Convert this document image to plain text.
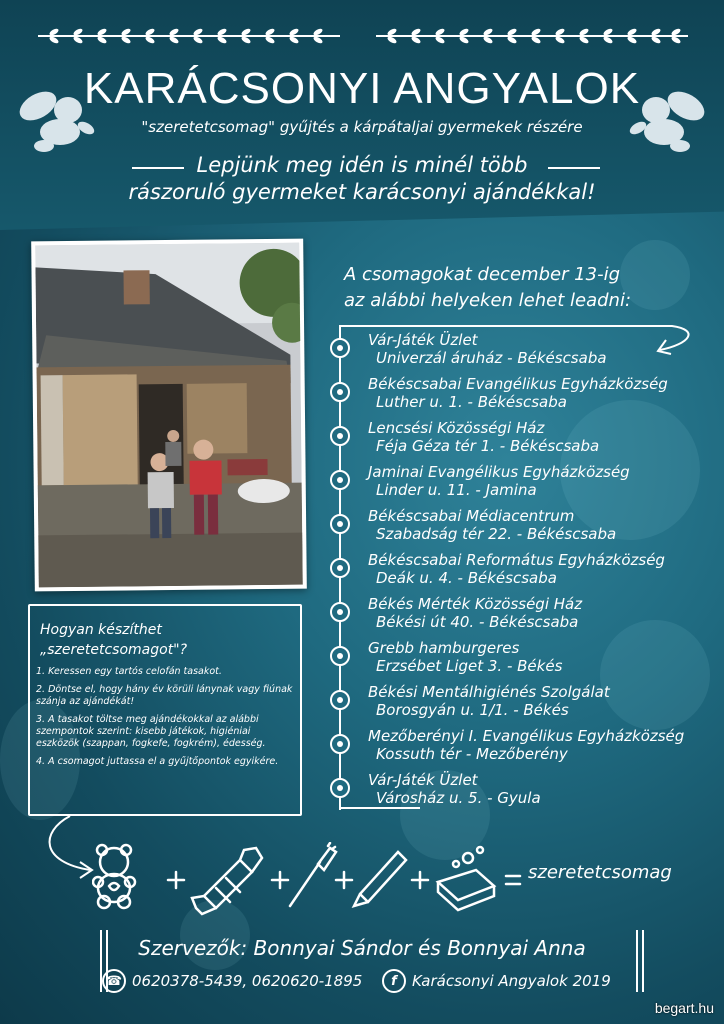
KARÁCSONYI ANGYALOK
"szeretetcsomag" gyűjtés a kárpátaljai gyermekek részére
Lepjünk meg idén is minél több
rászoruló gyermeket karácsonyi ajándékkal!
Hogyan készíthet
„szeretetcsomagot"?
1. Keressen egy tartós celofán tasakot.
2. Döntse el, hogy hány év körüli lánynak vagy fiúnak szánja az ajándékát!
3. A tasakot töltse meg ajándékokkal az alábbi szempontok szerint: kisebb játékok, higiéniai eszközök (szappan, fogkefe, fogkrém), édesség.
4. A csomagot juttassa el a gyűjtőpontok egyikére.
A csomagokat december 13-ig
az alábbi helyeken lehet leadni:
Vár-Játék Üzlet
Univerzál áruház - Békéscsaba
Békéscsabai Evangélikus Egyházközség
Luther u. 1. - Békéscsaba
Lencsési Közösségi Ház
Féja Géza tér 1. - Békéscsaba
Jaminai Evangélikus Egyházközség
Linder u. 11. - Jamina
Békéscsabai Médiacentrum
Szabadság tér 22. - Békéscsaba
Békéscsabai Református Egyházközség
Deák u. 4. - Békéscsaba
Békés Mérték Közösségi Ház
Békési út 40. - Békéscsaba
Grebb hamburgeres
Erzsébet Liget 3. - Békés
Békési Mentálhigiénés Szolgálat
Borosgyán u. 1/1. - Békés
Mezőberényi I. Evangélikus Egyházközség
Kossuth tér - Mezőberény
Vár-Játék Üzlet
Városház u. 5. - Gyula
szeretetcsomag
Szervezők: Bonnyai Sándor és Bonnyai Anna
☎ 0620378-5439, 0620620-1895	f	Karácsonyi Angyalok 2019
begart.hu
